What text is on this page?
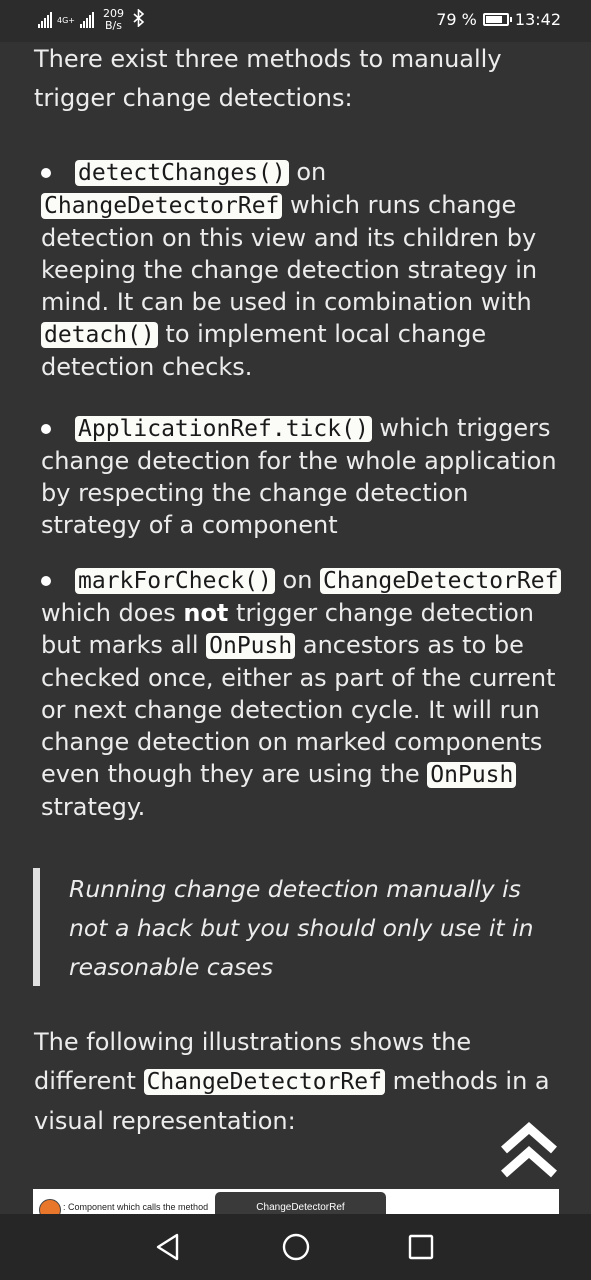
4G+	209
B/s	79 % 13:42

There exist three methods to manually trigger change detections:

detectChanges() on ChangeDetectorRef which runs change detection on this view and its children by keeping the change detection strategy in mind. It can be used in combination with detach() to implement local change detection checks.
ApplicationRef.tick() which triggers change detection for the whole application by respecting the change detection strategy of a component
markForCheck() on ChangeDetectorRef which does not trigger change detection but marks all OnPush ancestors as to be checked once, either as part of the current or next change detection cycle. It will run change detection on marked components even though they are using the OnPush strategy.
Running change detection manually is not a hack but you should only use it in reasonable cases

The following illustrations shows the different ChangeDetectorRef methods in a visual representation:

: Component which calls the method	ChangeDetectorRef
